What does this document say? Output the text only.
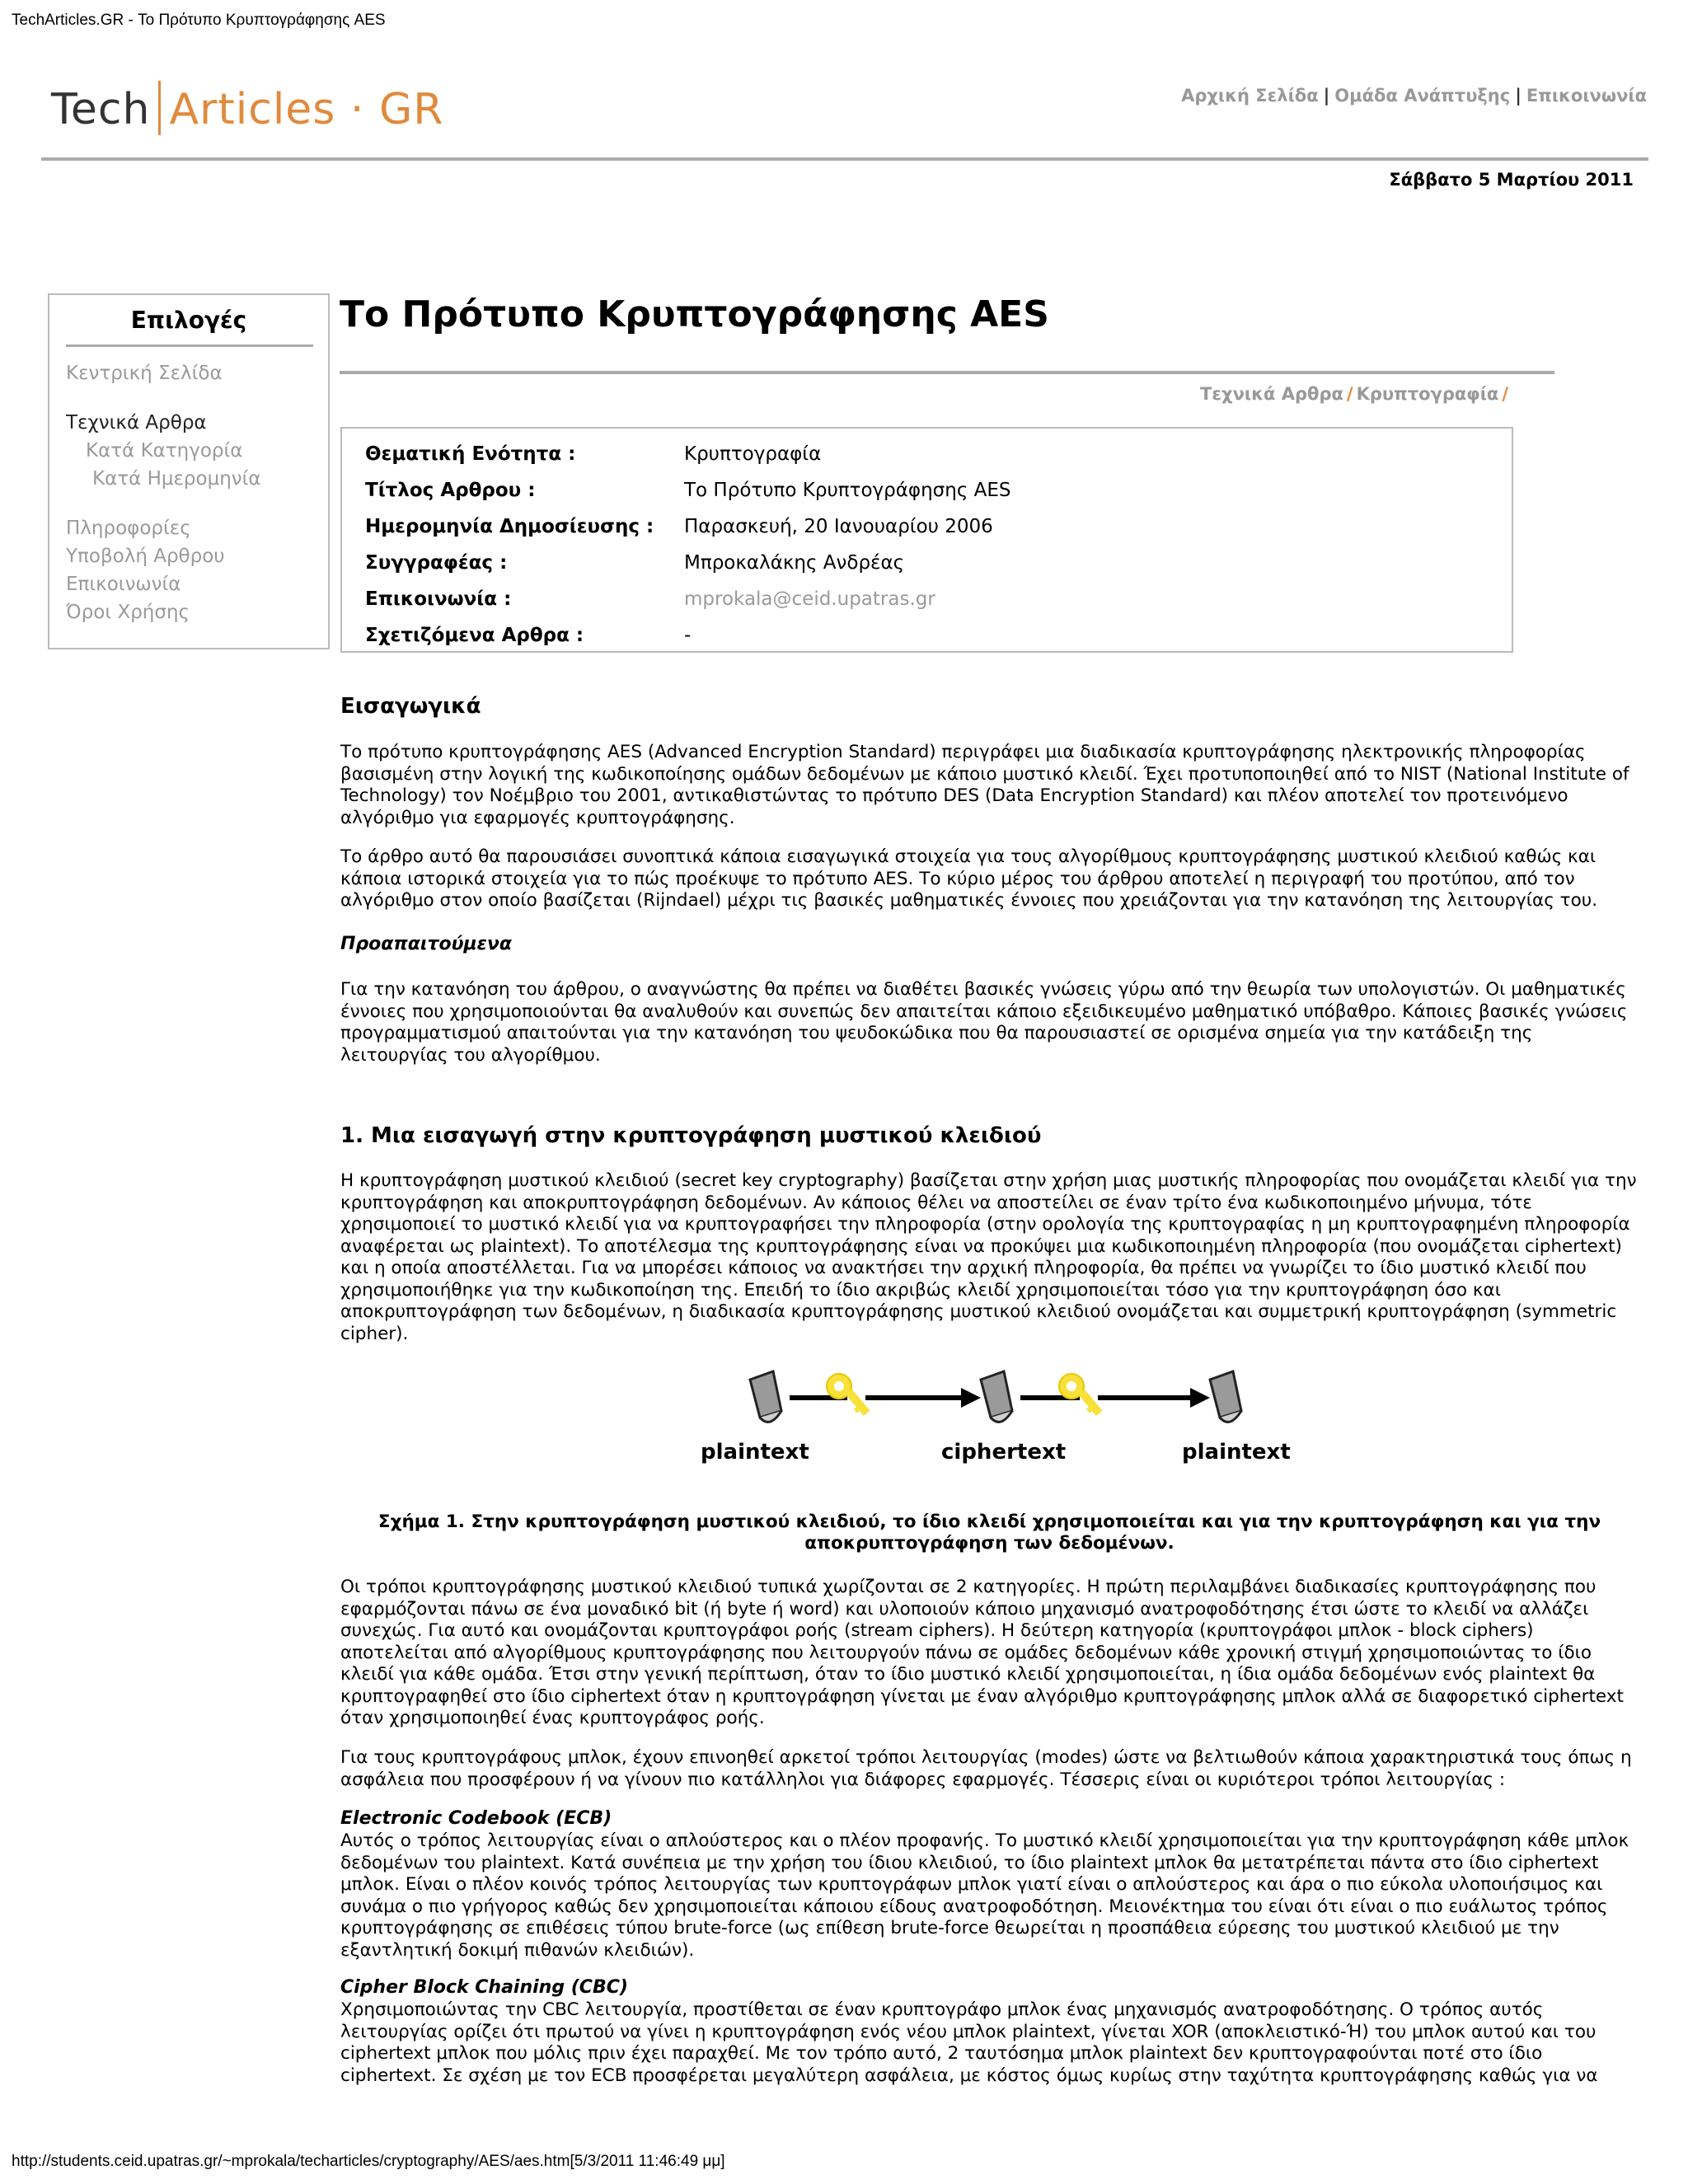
TechArticles.GR - Το Πρότυπο Κρυπτογράφησης AES
Tech Articles · GR	Αρχική Σελίδα | Ομάδα Ανάπτυξης | Επικοινωνία
Σάββατο 5 Μαρτίου 2011
Επιλογές
Κεντρική Σελίδα
Τεχνικά Αρθρα
Κατά Κατηγορία
Κατά Ημερομηνία
Πληροφορίες
Υποβολή Αρθρου
Επικοινωνία
Όροι Χρήσης
Το Πρότυπο Κρυπτογράφησης AES
Τεχνικά Αρθρα / Κρυπτογραφία /
Θεματική Ενότητα :	Κρυπτογραφία
Τίτλος Αρθρου :	Το Πρότυπο Κρυπτογράφησης AES
Ημερομηνία Δημοσίευσης : Παρασκευή, 20 Ιανουαρίου 2006
Συγγραφέας :	Μπροκαλάκης Ανδρέας
Επικοινωνία :	mprokala@ceid.upatras.gr
Σχετιζόμενα Αρθρα :	-
Εισαγωγικά

Το πρότυπο κρυπτογράφησης AES (Advanced Encryption Standard) περιγράφει μια διαδικασία κρυπτογράφησης ηλεκτρονικής πληροφορίας βασισμένη στην λογική της κωδικοποίησης ομάδων δεδομένων με κάποιο μυστικό κλειδί. Έχει προτυποποιηθεί από το NIST (National Institute of Technology) τον Νοέμβριο του 2001, αντικαθιστώντας το πρότυπο DES (Data Encryption Standard) και πλέον αποτελεί τον προτεινόμενο αλγόριθμο για εφαρμογές κρυπτογράφησης.

Το άρθρο αυτό θα παρουσιάσει συνοπτικά κάποια εισαγωγικά στοιχεία για τους αλγορίθμους κρυπτογράφησης μυστικού κλειδιού καθώς και κάποια ιστορικά στοιχεία για το πώς προέκυψε το πρότυπο AES. Το κύριο μέρος του άρθρου αποτελεί η περιγραφή του προτύπου, από τον αλγόριθμο στον οποίο βασίζεται (Rijndael) μέχρι τις βασικές μαθηματικές έννοιες που χρειάζονται για την κατανόηση της λειτουργίας του.

Προαπαιτούμενα

Για την κατανόηση του άρθρου, ο αναγνώστης θα πρέπει να διαθέτει βασικές γνώσεις γύρω από την θεωρία των υπολογιστών. Οι μαθηματικές έννοιες που χρησιμοποιούνται θα αναλυθούν και συνεπώς δεν απαιτείται κάποιο εξειδικευμένο μαθηματικό υπόβαθρο. Κάποιες βασικές γνώσεις προγραμματισμού απαιτούνται για την κατανόηση του ψευδοκώδικα που θα παρουσιαστεί σε ορισμένα σημεία για την κατάδειξη της λειτουργίας του αλγορίθμου.

1. Μια εισαγωγή στην κρυπτογράφηση μυστικού κλειδιού

Η κρυπτογράφηση μυστικού κλειδιού (secret key cryptography) βασίζεται στην χρήση μιας μυστικής πληροφορίας που ονομάζεται κλειδί για την κρυπτογράφηση και αποκρυπτογράφηση δεδομένων. Αν κάποιος θέλει να αποστείλει σε έναν τρίτο ένα κωδικοποιημένο μήνυμα, τότε χρησιμοποιεί το μυστικό κλειδί για να κρυπτογραφήσει την πληροφορία (στην ορολογία της κρυπτογραφίας η μη κρυπτογραφημένη πληροφορία αναφέρεται ως plaintext). Το αποτέλεσμα της κρυπτογράφησης είναι να προκύψει μια κωδικοποιημένη πληροφορία (που ονομάζεται ciphertext) και η οποία αποστέλλεται. Για να μπορέσει κάποιος να ανακτήσει την αρχική πληροφορία, θα πρέπει να γνωρίζει το ίδιο μυστικό κλειδί που χρησιμοποιήθηκε για την κωδικοποίηση της. Επειδή το ίδιο ακριβώς κλειδί χρησιμοποιείται τόσο για την κρυπτογράφηση όσο και αποκρυπτογράφηση των δεδομένων, η διαδικασία κρυπτογράφησης μυστικού κλειδιού ονομάζεται και συμμετρική κρυπτογράφηση (symmetric cipher).

plaintext	ciphertext	plaintext
Σχήμα 1. Στην κρυπτογράφηση μυστικού κλειδιού, το ίδιο κλειδί χρησιμοποιείται και για την κρυπτογράφηση και για την αποκρυπτογράφηση των δεδομένων.

Οι τρόποι κρυπτογράφησης μυστικού κλειδιού τυπικά χωρίζονται σε 2 κατηγορίες. Η πρώτη περιλαμβάνει διαδικασίες κρυπτογράφησης που εφαρμόζονται πάνω σε ένα μοναδικό bit (ή byte ή word) και υλοποιούν κάποιο μηχανισμό ανατροφοδότησης έτσι ώστε το κλειδί να αλλάζει συνεχώς. Για αυτό και ονομάζονται κρυπτογράφοι ροής (stream ciphers). Η δεύτερη κατηγορία (κρυπτογράφοι μπλοκ - block ciphers) αποτελείται από αλγορίθμους κρυπτογράφησης που λειτουργούν πάνω σε ομάδες δεδομένων κάθε χρονική στιγμή χρησιμοποιώντας το ίδιο κλειδί για κάθε ομάδα. Έτσι στην γενική περίπτωση, όταν το ίδιο μυστικό κλειδί χρησιμοποιείται, η ίδια ομάδα δεδομένων ενός plaintext θα κρυπτογραφηθεί στο ίδιο ciphertext όταν η κρυπτογράφηση γίνεται με έναν αλγόριθμο κρυπτογράφησης μπλοκ αλλά σε διαφορετικό ciphertext όταν χρησιμοποιηθεί ένας κρυπτογράφος ροής.

Για τους κρυπτογράφους μπλοκ, έχουν επινοηθεί αρκετοί τρόποι λειτουργίας (modes) ώστε να βελτιωθούν κάποια χαρακτηριστικά τους όπως η ασφάλεια που προσφέρουν ή να γίνουν πιο κατάλληλοι για διάφορες εφαρμογές. Τέσσερις είναι οι κυριότεροι τρόποι λειτουργίας :

Electronic Codebook (ECB)

Αυτός ο τρόπος λειτουργίας είναι ο απλούστερος και ο πλέον προφανής. Το μυστικό κλειδί χρησιμοποιείται για την κρυπτογράφηση κάθε μπλοκ δεδομένων του plaintext. Κατά συνέπεια με την χρήση του ίδιου κλειδιού, το ίδιο plaintext μπλοκ θα μετατρέπεται πάντα στο ίδιο ciphertext μπλοκ. Είναι ο πλέον κοινός τρόπος λειτουργίας των κρυπτογράφων μπλοκ γιατί είναι ο απλούστερος και άρα ο πιο εύκολα υλοποιήσιμος και συνάμα ο πιο γρήγορος καθώς δεν χρησιμοποιείται κάποιου είδους ανατροφοδότηση. Μειονέκτημα του είναι ότι είναι ο πιο ευάλωτος τρόπος κρυπτογράφησης σε επιθέσεις τύπου brute-force (ως επίθεση brute-force θεωρείται η προσπάθεια εύρεσης του μυστικού κλειδιού με την εξαντλητική δοκιμή πιθανών κλειδιών).

Cipher Block Chaining (CBC)

Χρησιμοποιώντας την CBC λειτουργία, προστίθεται σε έναν κρυπτογράφο μπλοκ ένας μηχανισμός ανατροφοδότησης. Ο τρόπος αυτός λειτουργίας ορίζει ότι πρωτού να γίνει η κρυπτογράφηση ενός νέου μπλοκ plaintext, γίνεται XOR (αποκλειστικό-Ή) του μπλοκ αυτού και του ciphertext μπλοκ που μόλις πριν έχει παραχθεί. Με τον τρόπο αυτό, 2 ταυτόσημα μπλοκ plaintext δεν κρυπτογραφούνται ποτέ στο ίδιο ciphertext. Σε σχέση με τον ECB προσφέρεται μεγαλύτερη ασφάλεια, με κόστος όμως κυρίως στην ταχύτητα κρυπτογράφησης καθώς για να

http://students.ceid.upatras.gr/~mprokala/techarticles/cryptography/AES/aes.htm[5/3/2011 11:46:49 μμ]
